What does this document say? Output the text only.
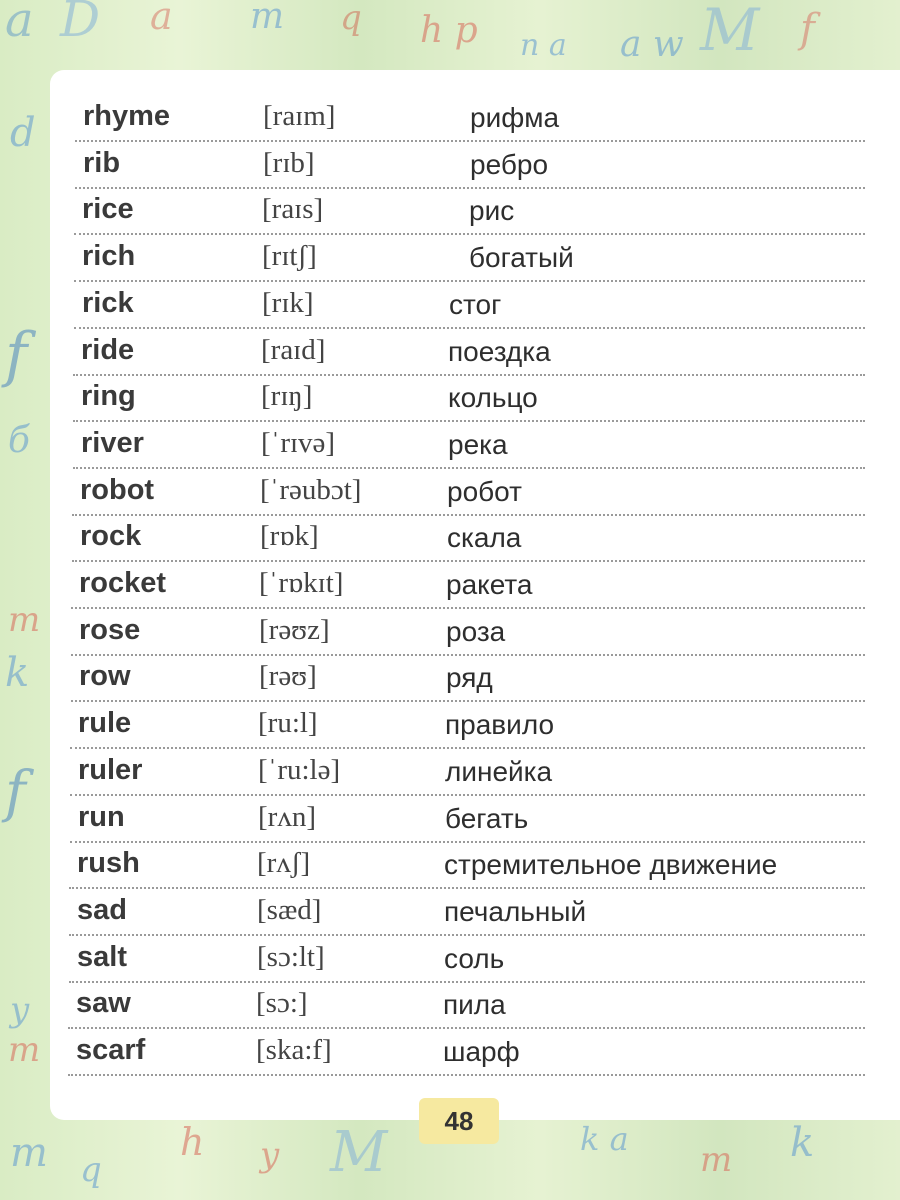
a D a m q h p n a a w M f
d
f
б
m
k
f
y
m
m q
h y M	k a
m k
rhyme	[raɪm]	рифма
rib	[rɪb]	ребро
rice	[raɪs]	рис
rich	[rɪtʃ]	богатый
rick	[rɪk]	стог
ride	[raɪd]	поездка
ring	[rɪŋ]	кольцо
river	[ˈrɪvə]	река
robot	[ˈrəubɔt]	робот
rock	[rɒk]	скала
rocket	[ˈrɒkɪt]	ракета
rose	[rəʊz]	роза
row	[rəʊ]	ряд
rule	[ru:l]	правило
ruler	[ˈru:lə]	линейка
run	[rʌn]	бегать
rush	[rʌʃ]	стремительное движение
sad	[sæd]	печальный
salt	[sɔ:lt]	соль
saw	[sɔ:]	пила
scarf	[ska:f]	шарф
48
